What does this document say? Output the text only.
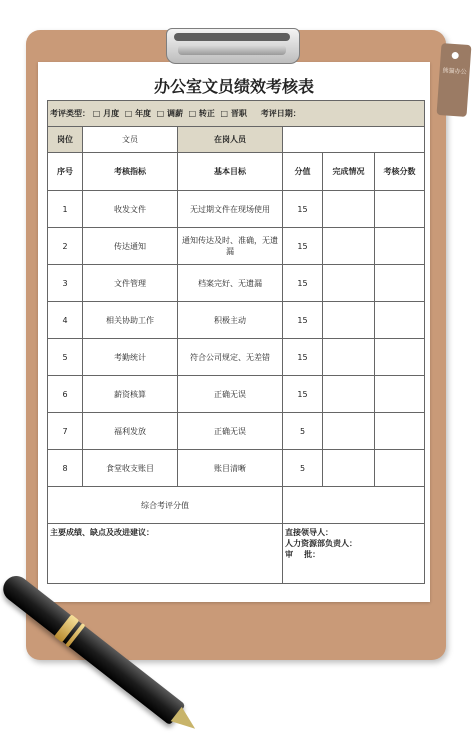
熊猫办公
办公室文员绩效考核表
考评类型： □ 月度 □ 年度 □ 调薪 □ 转正 □ 晋职 考评日期：					
岗位	文员	在岗人员			
序号	考核指标	基本目标	分值	完成情况	考核分数
1	收发文件	无过期文件在现场使用	15		
2	传达通知	通知传达及时、准确，无遗漏	15		
3	文件管理	档案完好、无遗漏	15		
4	相关协助工作	积极主动	15		
5	考勤统计	符合公司规定、无差错	15		
6	薪资核算	正确无误	15		
7	福利发放	正确无误	5		
8	食堂收支账目	账目清晰	5		
综合考评分值					
主要成绩、缺点及改进建议：			直接领导人：
人力资源部负责人：
审    批：		
